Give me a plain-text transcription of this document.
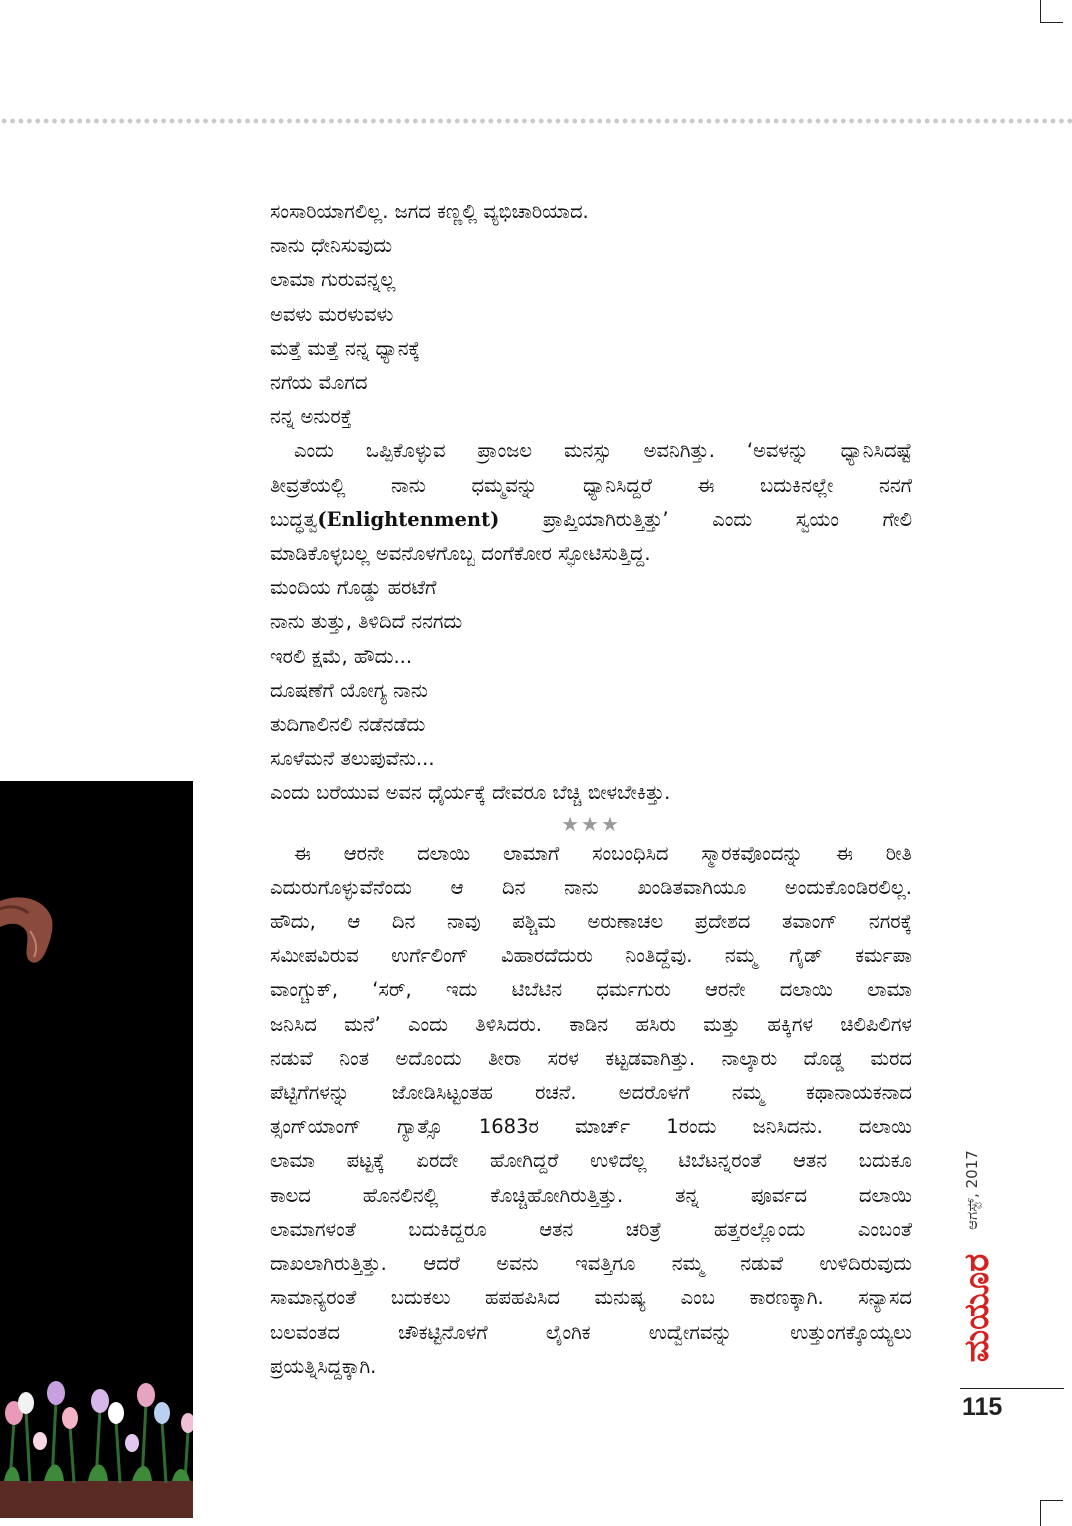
ಸಂಸಾರಿಯಾಗಲಿಲ್ಲ. ಜಗದ ಕಣ್ಣಲ್ಲಿ ವ್ಯಭಿಚಾರಿಯಾದ.

ನಾನು ಧೇನಿಸುವುದು

ಲಾಮಾ ಗುರುವನ್ನಲ್ಲ

ಅವಳು ಮರಳುವಳು

ಮತ್ತೆ ಮತ್ತೆ ನನ್ನ ಧ್ಯಾನಕ್ಕೆ

ನಗೆಯ ಮೊಗದ

ನನ್ನ ಅನುರಕ್ತೆ

ಎಂದು ಒಪ್ಪಿಕೊಳ್ಳುವ ಪ್ರಾಂಜಲ ಮನಸ್ಸು ಅವನಿಗಿತ್ತು. ‘ಅವಳನ್ನು ಧ್ಯಾನಿಸಿದಷ್ಟೆ

ತೀವ್ರತೆಯಲ್ಲಿ ನಾನು ಧಮ್ಮವನ್ನು ಧ್ಯಾನಿಸಿದ್ದರೆ ಈ ಬದುಕಿನಲ್ಲೇ ನನಗೆ

ಬುದ್ಧತ್ವ(Enlightenment) ಪ್ರಾಪ್ತಿಯಾಗಿರುತ್ತಿತ್ತು’ ಎಂದು ಸ್ವಯಂ ಗೇಲಿ

ಮಾಡಿಕೊಳ್ಳಬಲ್ಲ ಅವನೊಳಗೊಬ್ಬ ದಂಗೆಕೋರ ಸ್ಫೋಟಿಸುತ್ತಿದ್ದ.

ಮಂದಿಯ ಗೊಡ್ಡು ಹರಟೆಗೆ

ನಾನು ತುತ್ತು, ತಿಳಿದಿದೆ ನನಗದು

ಇರಲಿ ಕ್ಷಮೆ, ಹೌದು...

ದೂಷಣೆಗೆ ಯೋಗ್ಯ ನಾನು

ತುದಿಗಾಲಿನಲಿ ನಡೆನಡೆದು

ಸೂಳೆಮನೆ ತಲುಪುವೆನು...

ಎಂದು ಬರೆಯುವ ಅವನ ಧೈರ್ಯಕ್ಕೆ ದೇವರೂ ಬೆಚ್ಚಿ ಬೀಳಬೇಕಿತ್ತು.

★★★

ಈ ಆರನೇ ದಲಾಯಿ ಲಾಮಾಗೆ ಸಂಬಂಧಿಸಿದ ಸ್ಮಾರಕವೊಂದನ್ನು ಈ ರೀತಿ

ಎದುರುಗೊಳ್ಳುವೆನೆಂದು ಆ ದಿನ ನಾನು ಖಂಡಿತವಾಗಿಯೂ ಅಂದುಕೊಂಡಿರಲಿಲ್ಲ.

ಹೌದು, ಆ ದಿನ ನಾವು ಪಶ್ಚಿಮ ಅರುಣಾಚಲ ಪ್ರದೇಶದ ತವಾಂಗ್ ನಗರಕ್ಕೆ

ಸಮೀಪವಿರುವ ಉರ್ಗೆಲಿಂಗ್ ವಿಹಾರದೆದುರು ನಿಂತಿದ್ದೆವು. ನಮ್ಮ ಗೈಡ್ ಕರ್ಮಪಾ

ವಾಂಗ್ಚುಕ್, ‘ಸರ್, ಇದು ಟಿಬೆಟಿನ ಧರ್ಮಗುರು ಆರನೇ ದಲಾಯಿ ಲಾಮಾ

ಜನಿಸಿದ ಮನೆ’ ಎಂದು ತಿಳಿಸಿದರು. ಕಾಡಿನ ಹಸಿರು ಮತ್ತು ಹಕ್ಕಿಗಳ ಚಿಲಿಪಿಲಿಗಳ

ನಡುವೆ ನಿಂತ ಅದೊಂದು ತೀರಾ ಸರಳ ಕಟ್ಟಡವಾಗಿತ್ತು. ನಾಲ್ಕಾರು ದೊಡ್ಡ ಮರದ

ಪೆಟ್ಟಿಗೆಗಳನ್ನು ಜೋಡಿಸಿಟ್ಟಂತಹ ರಚನೆ. ಅದರೊಳಗೆ ನಮ್ಮ ಕಥಾನಾಯಕನಾದ

ತ್ಸಂಗ್‌ಯಾಂಗ್ ಗ್ಯಾತ್ಸೊ 1683ರ ಮಾರ್ಚ್ 1ರಂದು ಜನಿಸಿದನು. ದಲಾಯಿ

ಲಾಮಾ ಪಟ್ಟಕ್ಕೆ ಏರದೇ ಹೋಗಿದ್ದರೆ ಉಳಿದೆಲ್ಲ ಟಿಬೆಟನ್ನರಂತೆ ಆತನ ಬದುಕೂ

ಕಾಲದ ಹೊನಲಿನಲ್ಲಿ ಕೊಚ್ಚಿಹೋಗಿರುತ್ತಿತ್ತು. ತನ್ನ ಪೂರ್ವದ ದಲಾಯಿ

ಲಾಮಾಗಳಂತೆ ಬದುಕಿದ್ದರೂ ಆತನ ಚರಿತ್ರೆ ಹತ್ತರಲ್ಲೊಂದು ಎಂಬಂತೆ

ದಾಖಲಾಗಿರುತ್ತಿತ್ತು. ಆದರೆ ಅವನು ಇವತ್ತಿಗೂ ನಮ್ಮ ನಡುವೆ ಉಳಿದಿರುವುದು

ಸಾಮಾನ್ಯರಂತೆ ಬದುಕಲು ಹಪಹಪಿಸಿದ ಮನುಷ್ಯ ಎಂಬ ಕಾರಣಕ್ಕಾಗಿ. ಸನ್ಯಾಸದ

ಬಲವಂತದ ಚೌಕಟ್ಟಿನೊಳಗೆ ಲೈಂಗಿಕ ಉದ್ವೇಗವನ್ನು ಉತ್ತುಂಗಕ್ಕೊಯ್ಯಲು

ಪ್ರಯತ್ನಿಸಿದ್ದಕ್ಕಾಗಿ.

ಆಗಸ್ಟ್, 2017
ಮಯೂರ
115
